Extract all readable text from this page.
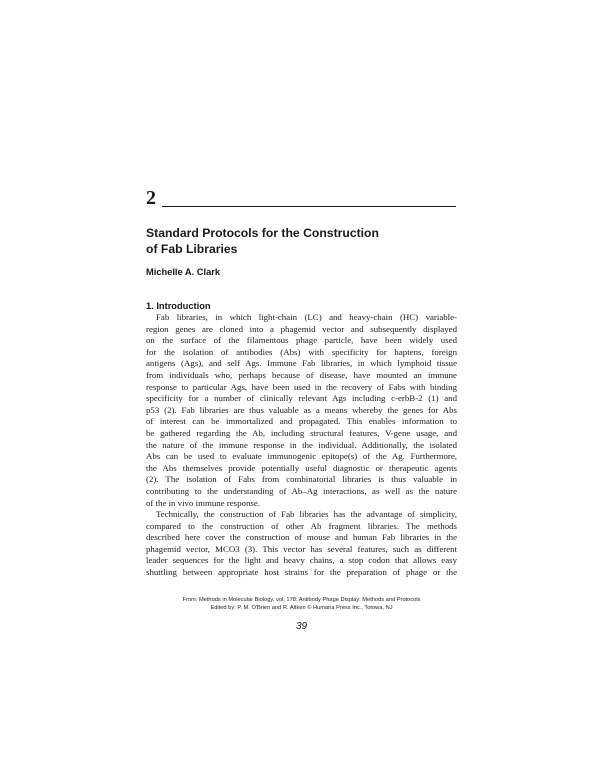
2
Standard Protocols for the Construction
of Fab Libraries
Michelle A. Clark
1. Introduction
Fab libraries, in which light-chain (LC) and heavy-chain (HC) variable-
region genes are cloned into a phagemid vector and subsequently displayed
on the surface of the filamentous phage particle, have been widely used
for the isolation of antibodies (Abs) with specificity for haptens, foreign
antigens (Ags), and self Ags. Immune Fab libraries, in which lymphoid tissue
from individuals who, perhaps because of disease, have mounted an immune
response to particular Ags, have been used in the recovery of Fabs with binding
specificity for a number of clinically relevant Ags including c-erbB-2 (1) and
p53 (2). Fab libraries are thus valuable as a means whereby the genes for Abs
of interest can be immortalized and propagated. This enables information to
be gathered regarding the Ab, including structural features, V-gene usage, and
the nature of the immune response in the individual. Additionally, the isolated
Abs can be used to evaluate immunogenic epitope(s) of the Ag. Furthermore,
the Abs themselves provide potentially useful diagnostic or therapeutic agents
(2). The isolation of Fabs from combinatorial libraries is thus valuable in
contributing to the understanding of Ab–Ag interactions, as well as the nature
of the in vivo immune response.
Technically, the construction of Fab libraries has the advantage of simplicity,
compared to the construction of other Ab fragment libraries. The methods
described here cover the construction of mouse and human Fab libraries in the
phagemid vector, MCO3 (3). This vector has several features, such as different
leader sequences for the light and heavy chains, a stop codon that allows easy
shuttling between appropriate host strains for the preparation of phage or the
From: Methods in Molecular Biology, vol. 178: Antibody Phage Display: Methods and Protocols
Edited by: P. M. O'Brien and R. Aitken © Humana Press Inc., Totowa, NJ
39
